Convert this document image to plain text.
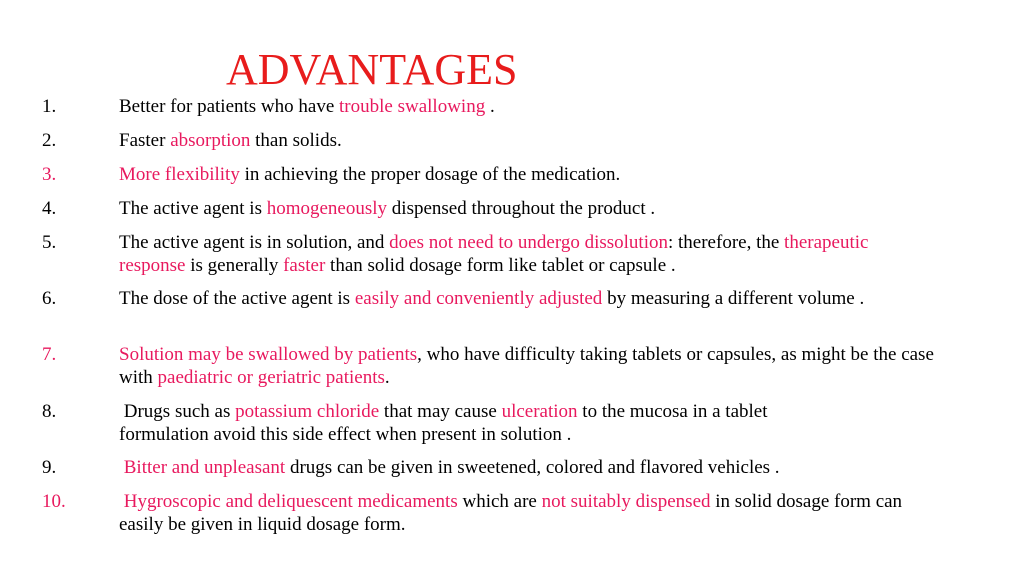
ADVANTAGES
1.	Better for patients who have trouble swallowing .
2.	Faster absorption than solids.
3.	More flexibility in achieving the proper dosage of the medication.
4.	The active agent is homogeneously dispensed throughout the product .
5.	The active agent is in solution, and does not need to undergo dissolution: therefore, the therapeutic response is generally faster than solid dosage form like tablet or capsule .
6.	The dose of the active agent is easily and conveniently adjusted by measuring a different volume .
7.	Solution may be swallowed by patients, who have difficulty taking tablets or capsules, as might be the case with paediatric or geriatric patients.
8.	Drugs such as potassium chloride that may cause ulceration to the mucosa in a tablet formulation avoid this side effect when present in solution .
9.	Bitter and unpleasant drugs can be given in sweetened, colored and flavored vehicles .
10.	Hygroscopic and deliquescent medicaments which are not suitably dispensed in solid dosage form can easily be given in liquid dosage form.
